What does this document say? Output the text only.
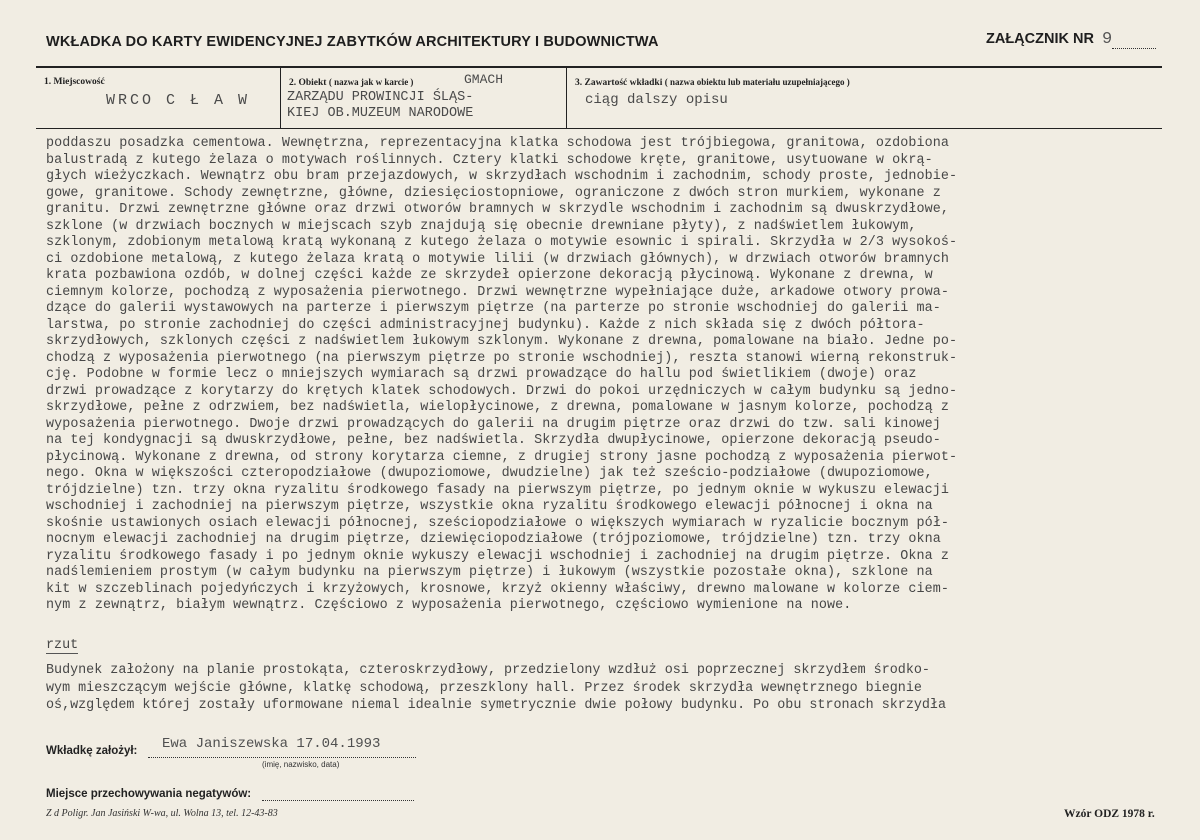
WKŁADKA DO KARTY EWIDENCYJNEJ ZABYTKÓW ARCHITEKTURY I BUDOWNICTWA	ZAŁĄCZNIK NR 9
1. Miejscowość
WRCO C Ł A W
2. Obiekt ( nazwa jak w karcie )	GMACH
ZARZĄDU PROWINCJI ŚLĄS-
KIEJ OB.MUZEUM NARODOWE
3. Zawartość wkładki ( nazwa obiektu lub materiału uzupełniającego )
ciąg dalszy opisu
poddaszu posadzka cementowa. Wewnętrzna, reprezentacyjna klatka schodowa jest trójbiegowa, granitowa, ozdobiona
balustradą z kutego żelaza o motywach roślinnych. Cztery klatki schodowe kręte, granitowe, usytuowane w okrą-
głych wieżyczkach. Wewnątrz obu bram przejazdowych, w skrzydłach wschodnim i zachodnim, schody proste, jednobie-
gowe, granitowe. Schody zewnętrzne, główne, dziesięciostopniowe, ograniczone z dwóch stron murkiem, wykonane z
granitu. Drzwi zewnętrzne główne oraz drzwi otworów bramnych w skrzydle wschodnim i zachodnim są dwuskrzydłowe,
szklone (w drzwiach bocznych w miejscach szyb znajdują się obecnie drewniane płyty), z nadświetlem łukowym,
szklonym, zdobionym metalową kratą wykonaną z kutego żelaza o motywie esownic i spirali. Skrzydła w 2/3 wysokoś-
ci ozdobione metalową, z kutego żelaza kratą o motywie lilii (w drzwiach głównych), w drzwiach otworów bramnych
krata pozbawiona ozdób, w dolnej części każde ze skrzydeł opierzone dekoracją płycinową. Wykonane z drewna, w
ciemnym kolorze, pochodzą z wyposażenia pierwotnego. Drzwi wewnętrzne wypełniające duże, arkadowe otwory prowa-
dzące do galerii wystawowych na parterze i pierwszym piętrze (na parterze po stronie wschodniej do galerii ma-
larstwa, po stronie zachodniej do części administracyjnej budynku). Każde z nich składa się z dwóch półtora-
skrzydłowych, szklonych części z nadświetlem łukowym szklonym. Wykonane z drewna, pomalowane na biało. Jedne po-
chodzą z wyposażenia pierwotnego (na pierwszym piętrze po stronie wschodniej), reszta stanowi wierną rekonstruk-
cję. Podobne w formie lecz o mniejszych wymiarach są drzwi prowadzące do hallu pod świetlikiem (dwoje) oraz
drzwi prowadzące z korytarzy do krętych klatek schodowych. Drzwi do pokoi urzędniczych w całym budynku są jedno-
skrzydłowe, pełne z odrzwiem, bez nadświetla, wielopłycinowe, z drewna, pomalowane w jasnym kolorze, pochodzą z
wyposażenia pierwotnego. Dwoje drzwi prowadzących do galerii na drugim piętrze oraz drzwi do tzw. sali kinowej
na tej kondygnacji są dwuskrzydłowe, pełne, bez nadświetla. Skrzydła dwupłycinowe, opierzone dekoracją pseudo-
płycinową. Wykonane z drewna, od strony korytarza ciemne, z drugiej strony jasne pochodzą z wyposażenia pierwot-
nego. Okna w większości czteropodziałowe (dwupoziomowe, dwudzielne) jak też sześcio-podziałowe (dwupoziomowe,
trójdzielne) tzn. trzy okna ryzalitu środkowego fasady na pierwszym piętrze, po jednym oknie w wykuszu elewacji
wschodniej i zachodniej na pierwszym piętrze, wszystkie okna ryzalitu środkowego elewacji północnej i okna na
skośnie ustawionych osiach elewacji północnej, sześciopodziałowe o większych wymiarach w ryzalicie bocznym pół-
nocnym elewacji zachodniej na drugim piętrze, dziewięciopodziałowe (trójpoziomowe, trójdzielne) tzn. trzy okna
ryzalitu środkowego fasady i po jednym oknie wykuszy elewacji wschodniej i zachodniej na drugim piętrze. Okna z
nadślemieniem prostym (w całym budynku na pierwszym piętrze) i łukowym (wszystkie pozostałe okna), szklone na
kit w szczeblinach pojedyńczych i krzyżowych, krosnowe, krzyż okienny właściwy, drewno malowane w kolorze ciem-
nym z zewnątrz, białym wewnątrz. Częściowo z wyposażenia pierwotnego, częściowo wymienione na nowe.
rzut
Budynek założony na planie prostokąta, czteroskrzydłowy, przedzielony wzdłuż osi poprzecznej skrzydłem środko-
wym mieszczącym wejście główne, klatkę schodową, przeszklony hall. Przez środek skrzydła wewnętrznego biegnie
oś,względem której zostały uformowane niemal idealnie symetrycznie dwie połowy budynku. Po obu stronach skrzydła
Wkładkę założył: Ewa Janiszewska 17.04.1993
(imię, nazwisko, data)
Miejsce przechowywania negatywów:
Z d Poligr. Jan Jasiński W-wa, ul. Wolna 13, tel. 12-43-83	Wzór ODZ 1978 r.
